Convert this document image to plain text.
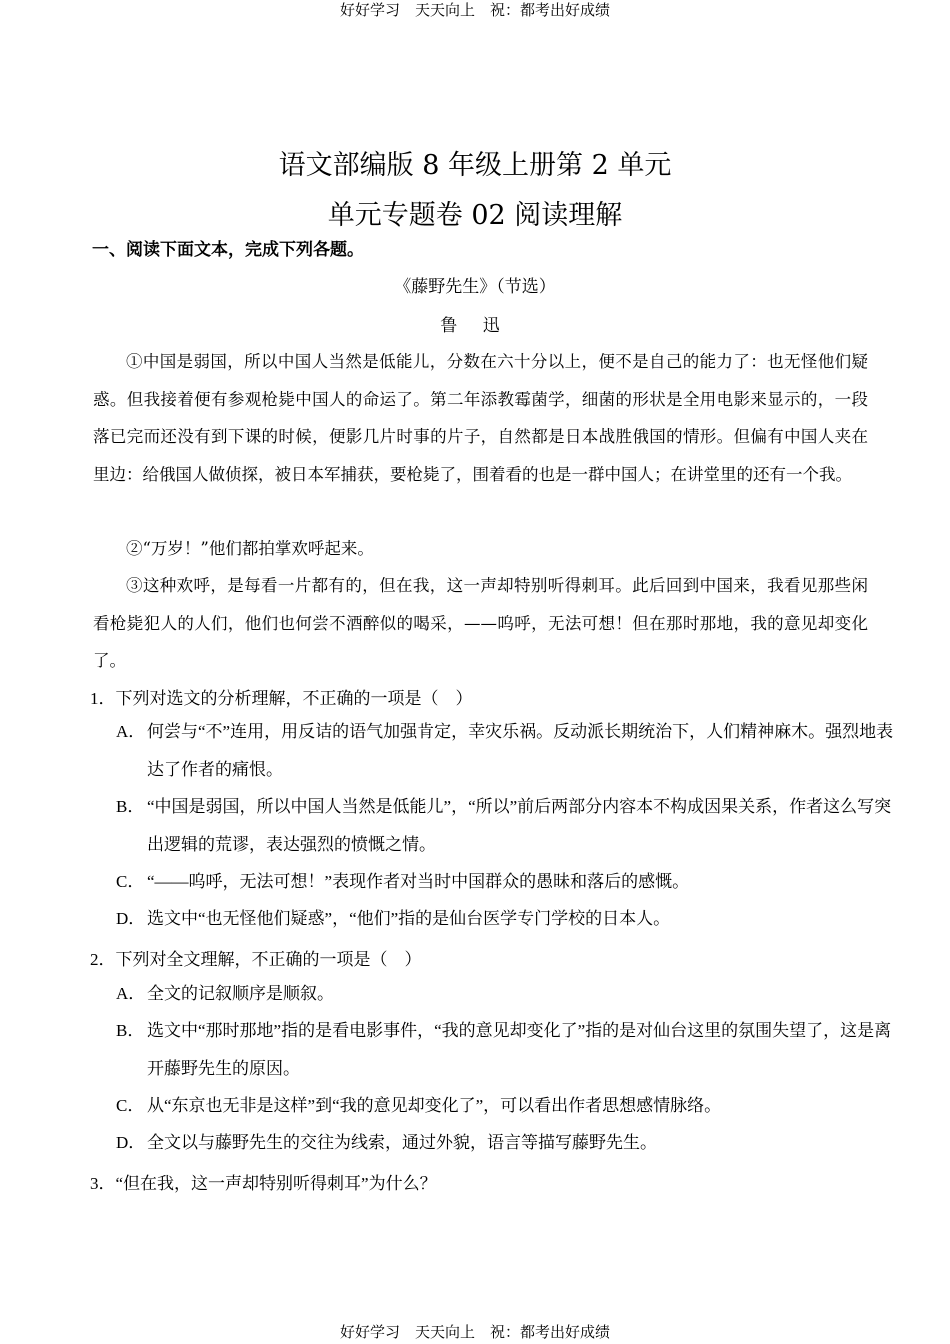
好好学习　天天向上　祝：都考出好成绩
语文部编版 8 年级上册第 2 单元
单元专题卷 02 阅读理解
一、阅读下面文本，完成下列各题。
《藤野先生》（节选）
鲁 迅
①中国是弱国，所以中国人当然是低能儿，分数在六十分以上，便不是自己的能力了：也无怪他们疑惑。但我接着便有参观枪毙中国人的命运了。第二年添教霉菌学，细菌的形状是全用电影来显示的，一段落已完而还没有到下课的时候，便影几片时事的片子，自然都是日本战胜俄国的情形。但偏有中国人夹在里边：给俄国人做侦探，被日本军捕获，要枪毙了，围着看的也是一群中国人；在讲堂里的还有一个我。
②“万岁！”他们都拍掌欢呼起来。
③这种欢呼，是每看一片都有的，但在我，这一声却特别听得刺耳。此后回到中国来，我看见那些闲看枪毙犯人的人们，他们也何尝不酒醉似的喝采，——呜呼，无法可想！但在那时那地，我的意见却变化了。
1．下列对选文的分析理解，不正确的一项是（　）
A． 何尝与“不”连用，用反诘的语气加强肯定，幸灾乐祸。反动派长期统治下，人们精神麻木。强烈地表达了作者的痛恨。
B． “中国是弱国，所以中国人当然是低能儿”，“所以”前后两部分内容本不构成因果关系，作者这么写突出逻辑的荒谬，表达强烈的愤慨之情。
C． “——呜呼，无法可想！”表现作者对当时中国群众的愚昧和落后的感慨。
D． 选文中“也无怪他们疑惑”，“他们”指的是仙台医学专门学校的日本人。
2．下列对全文理解，不正确的一项是（　）
A． 全文的记叙顺序是顺叙。
B． 选文中“那时那地”指的是看电影事件，“我的意见却变化了”指的是对仙台这里的氛围失望了，这是离开藤野先生的原因。
C． 从“东京也无非是这样”到“我的意见却变化了”，可以看出作者思想感情脉络。
D． 全文以与藤野先生的交往为线索，通过外貌，语言等描写藤野先生。
3．“但在我，这一声却特别听得刺耳”为什么？
好好学习　天天向上　祝：都考出好成绩
